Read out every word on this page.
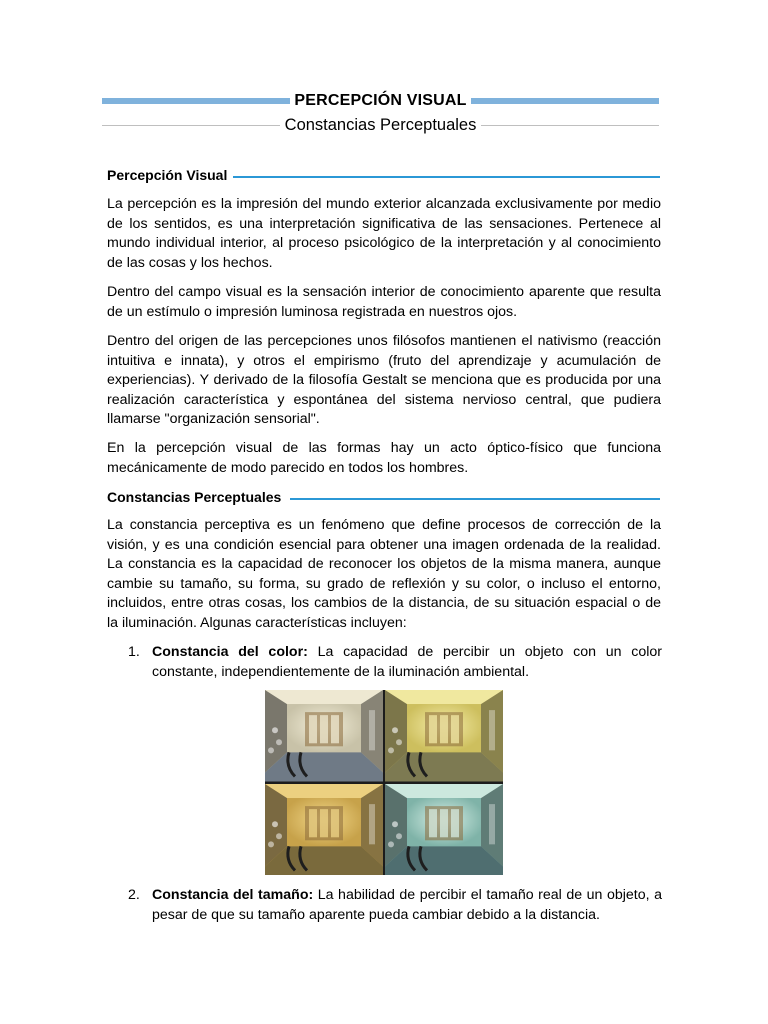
PERCEPCIÓN VISUAL
Constancias Perceptuales
Percepción Visual

La percepción es la impresión del mundo exterior alcanzada exclusivamente por medio de los sentidos, es una interpretación significativa de las sensaciones. Pertenece al mundo individual interior, al proceso psicológico de la interpretación y al conocimiento de las cosas y los hechos.

Dentro del campo visual es la sensación interior de conocimiento aparente que resulta de un estímulo o impresión luminosa registrada en nuestros ojos.

Dentro del origen de las percepciones unos filósofos mantienen el nativismo (reacción intuitiva e innata), y otros el empirismo (fruto del aprendizaje y acumulación de experiencias). Y derivado de la filosofía Gestalt se menciona que es producida por una realización característica y espontánea del sistema nervioso central, que pudiera llamarse "organización sensorial".

En la percepción visual de las formas hay un acto óptico-físico que funciona mecánicamente de modo parecido en todos los hombres.

Constancias Perceptuales

La constancia perceptiva es un fenómeno que define procesos de corrección de la visión, y es una condición esencial para obtener una imagen ordenada de la realidad. La constancia es la capacidad de reconocer los objetos de la misma manera, aunque cambie su tamaño, su forma, su grado de reflexión y su color, o incluso el entorno, incluidos, entre otras cosas, los cambios de la distancia, de su situación espacial o de la iluminación. Algunas características incluyen:

1. Constancia del color: La capacidad de percibir un objeto con un color constante, independientemente de la iluminación ambiental.
2. Constancia del tamaño: La habilidad de percibir el tamaño real de un objeto, a pesar de que su tamaño aparente pueda cambiar debido a la distancia.
